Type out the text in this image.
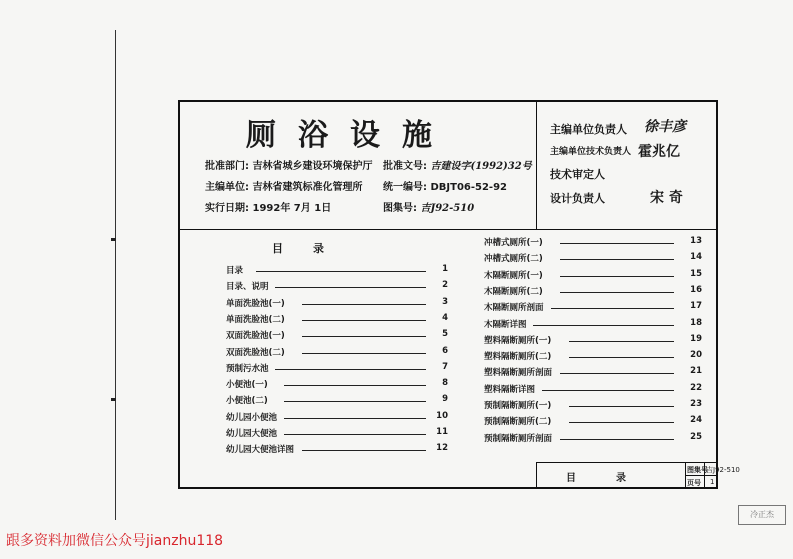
厕浴设施
批准部门: 吉林省城乡建设环境保护厅 批准文号: 吉建设字(1992)32号
主编单位: 吉林省建筑标准化管理所 统一编号: DBJT06-52-92
实行日期: 1992年 7月 1日	图集号: 吉J92-510
主编单位负责人 徐丰彦
主编单位技术负责人 霍兆亿
技术审定人
设计负责人	宋 奇
目录
目录	1
目录、说明	2
单面洗脸池(一)	3
单面洗脸池(二)	4
双面洗脸池(一)	5
双面洗脸池(二)	6
预制污水池	7
小便池(一)	8
小便池(二)	9
幼儿园小便池	10
幼儿园大便池	11
幼儿园大便池详图	12
冲槽式厕所(一)	13
冲槽式厕所(二)	14
木隔断厕所(一)	15
木隔断厕所(二)	16
木隔断厕所剖面	17
木隔断详图	18
塑料隔断厕所(一)	19
塑料隔断厕所(二)	20
塑料隔断厕所剖面	21
塑料隔断详图	22
预制隔断厕所(一)	23
预制隔断厕所(二)	24
预制隔断厕所剖面	25
目录
图集号
吉J92-510
页号 1
冷正杰
跟多资料加微信公众号jianzhu118
